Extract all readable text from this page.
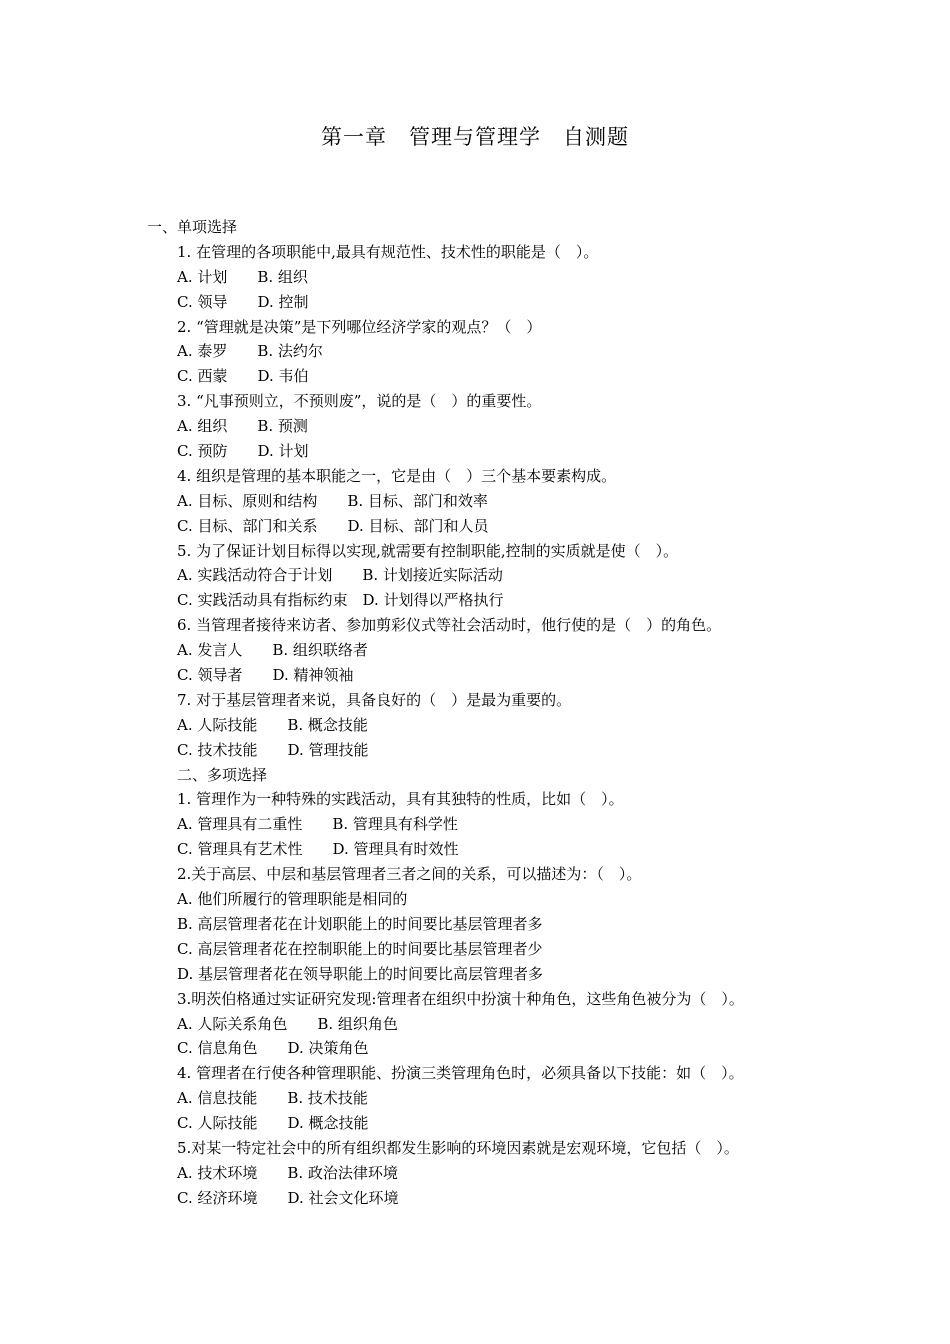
第一章　管理与管理学　自测题
一、单项选择
1. 在管理的各项职能中,最具有规范性、技术性的职能是（　）。
A. 计划　　B. 组织
C. 领导　　D. 控制
2. “管理就是决策”是下列哪位经济学家的观点？（　）
A. 泰罗　　B. 法约尔
C. 西蒙　　D. 韦伯
3. “凡事预则立，不预则废”，说的是（　）的重要性。
A. 组织　　B. 预测
C. 预防　　D. 计划
4. 组织是管理的基本职能之一，它是由（　）三个基本要素构成。
A. 目标、原则和结构　　B. 目标、部门和效率
C. 目标、部门和关系　　D. 目标、部门和人员
5. 为了保证计划目标得以实现,就需要有控制职能,控制的实质就是使（　）。
A. 实践活动符合于计划　　B. 计划接近实际活动
C. 实践活动具有指标约束　D. 计划得以严格执行
6. 当管理者接待来访者、参加剪彩仪式等社会活动时，他行使的是（　）的角色。
A. 发言人　　B. 组织联络者
C. 领导者　　D. 精神领袖
7. 对于基层管理者来说，具备良好的（　）是最为重要的。
A. 人际技能　　B. 概念技能
C. 技术技能　　D. 管理技能
二、多项选择
1. 管理作为一种特殊的实践活动，具有其独特的性质，比如（　）。
A. 管理具有二重性　　B. 管理具有科学性
C. 管理具有艺术性　　D. 管理具有时效性
2.关于高层、中层和基层管理者三者之间的关系，可以描述为：（　）。
A. 他们所履行的管理职能是相同的
B. 高层管理者花在计划职能上的时间要比基层管理者多
C. 高层管理者花在控制职能上的时间要比基层管理者少
D. 基层管理者花在领导职能上的时间要比高层管理者多
3.明茨伯格通过实证研究发现:管理者在组织中扮演十种角色，这些角色被分为（　）。
A. 人际关系角色　　B. 组织角色
C. 信息角色　　D. 决策角色
4. 管理者在行使各种管理职能、扮演三类管理角色时，必须具备以下技能：如（　）。
A. 信息技能　　B. 技术技能
C. 人际技能　　D. 概念技能
5.对某一特定社会中的所有组织都发生影响的环境因素就是宏观环境，它包括（　）。
A. 技术环境　　B. 政治法律环境
C. 经济环境　　D. 社会文化环境
